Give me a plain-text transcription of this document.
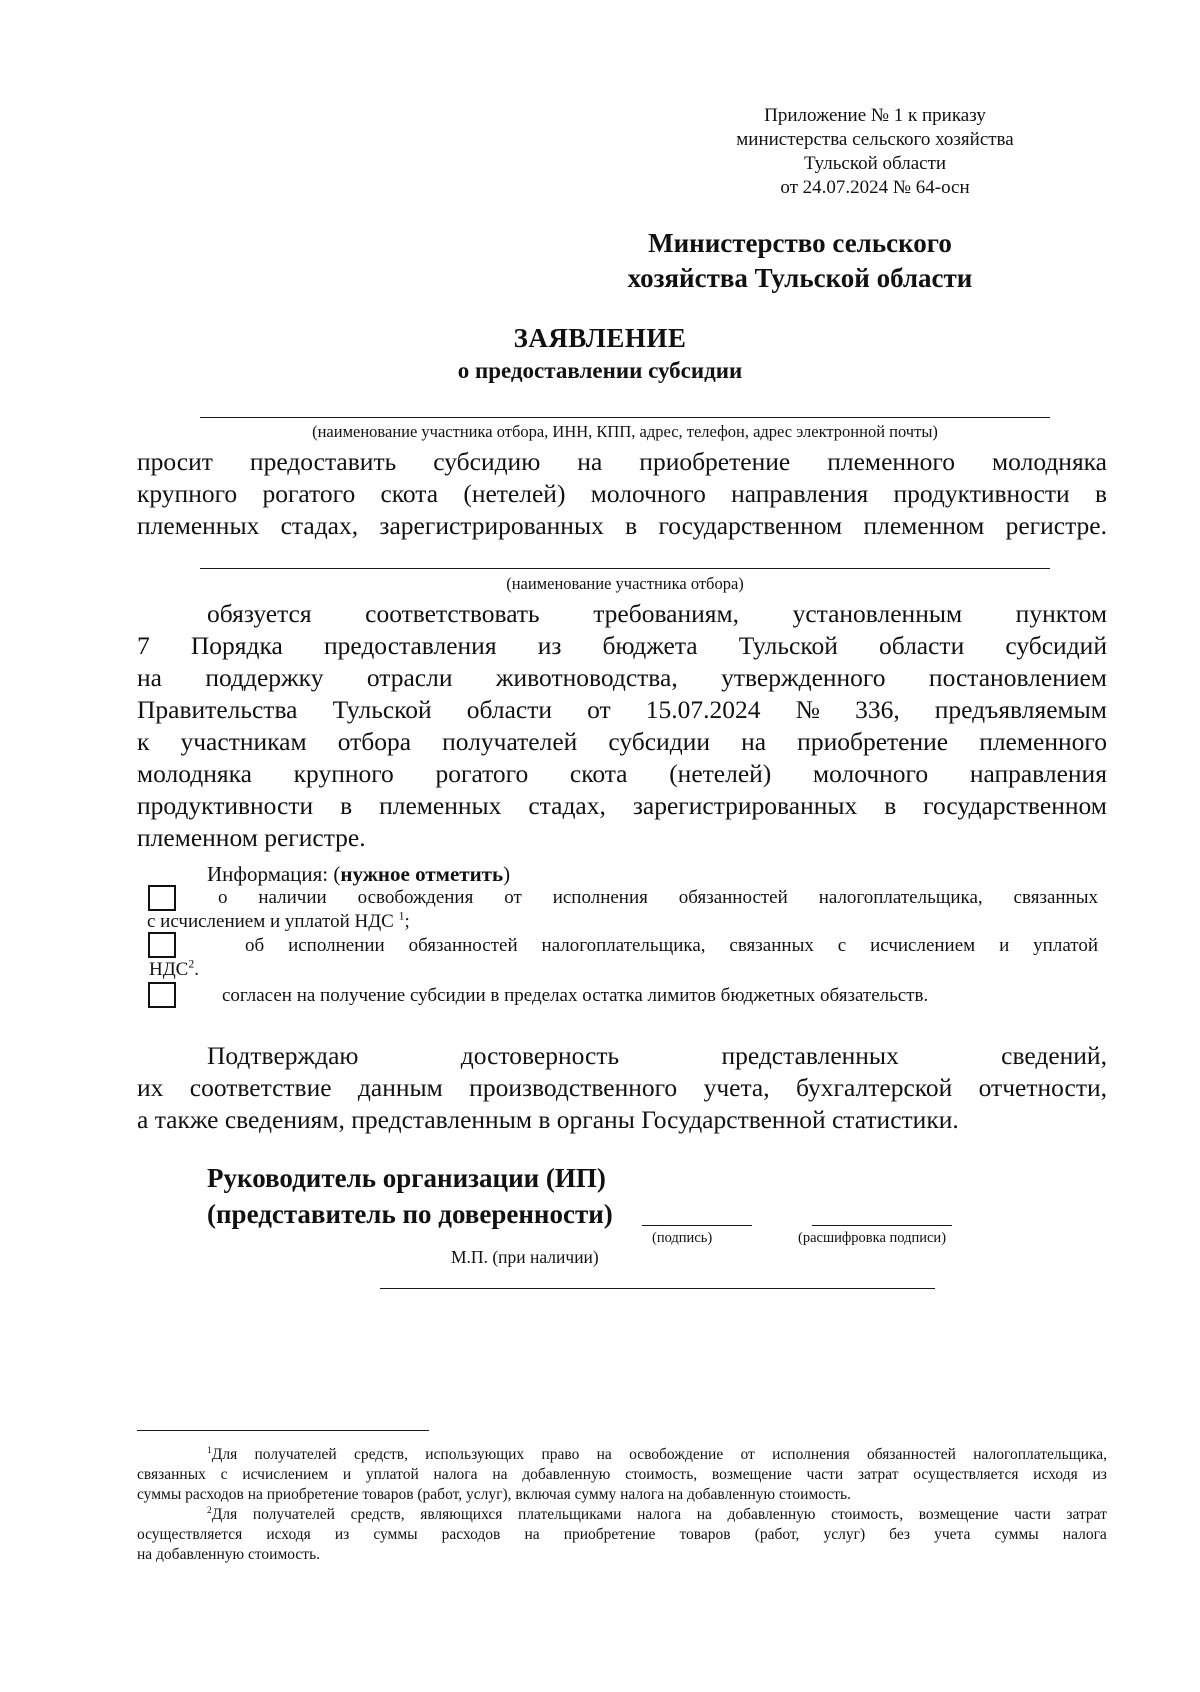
Приложение № 1 к приказу
министерства сельского хозяйства
Тульской области
от 24.07.2024 № 64-осн
Министерство сельского
хозяйства Тульской области
ЗАЯВЛЕНИЕ
о предоставлении субсидии
(наименование участника отбора, ИНН, КПП, адрес, телефон, адрес электронной почты)
просит предоставить субсидию на приобретение племенного молодняка
крупного рогатого скота (нетелей) молочного направления продуктивности в
племенных стадах, зарегистрированных в государственном племенном регистре.
(наименование участника отбора)
обязуется соответствовать требованиям, установленным пунктом
7 Порядка предоставления из бюджета Тульской области субсидий
на поддержку отрасли животноводства, утвержденного постановлением
Правительства Тульской области от 15.07.2024 № 336, предъявляемым
к участникам отбора получателей субсидии на приобретение племенного
молодняка крупного рогатого скота (нетелей) молочного направления
продуктивности в племенных стадах, зарегистрированных в государственном
племенном регистре.
Информация: (нужное отметить)
о наличии освобождения от исполнения обязанностей налогоплательщика, связанных
с исчислением и уплатой НДС $^1$;
об исполнении обязанностей налогоплательщика, связанных с исчислением и уплатой
НДС$^2$.
согласен на получение субсидии в пределах остатка лимитов бюджетных обязательств.
Подтверждаю	достоверность	представленных	сведений,
их соответствие данным производственного учета, бухгалтерской отчетности,
а также сведениям, представленным в органы Государственной статистики.
Руководитель организации (ИП)
(представитель по доверенности)
(подпись)	(расшифровка подписи)
М.П. (при наличии)
$^1$Для получателей средств, использующих право на освобождение от исполнения обязанностей налогоплательщика,
связанных с исчислением и уплатой налога на добавленную стоимость, возмещение части затрат осуществляется исходя из
суммы расходов на приобретение товаров (работ, услуг), включая сумму налога на добавленную стоимость.
$^2$Для получателей средств, являющихся плательщиками налога на добавленную стоимость, возмещение части затрат
осуществляется исходя из суммы расходов на приобретение товаров (работ, услуг) без учета суммы налога
на добавленную стоимость.
